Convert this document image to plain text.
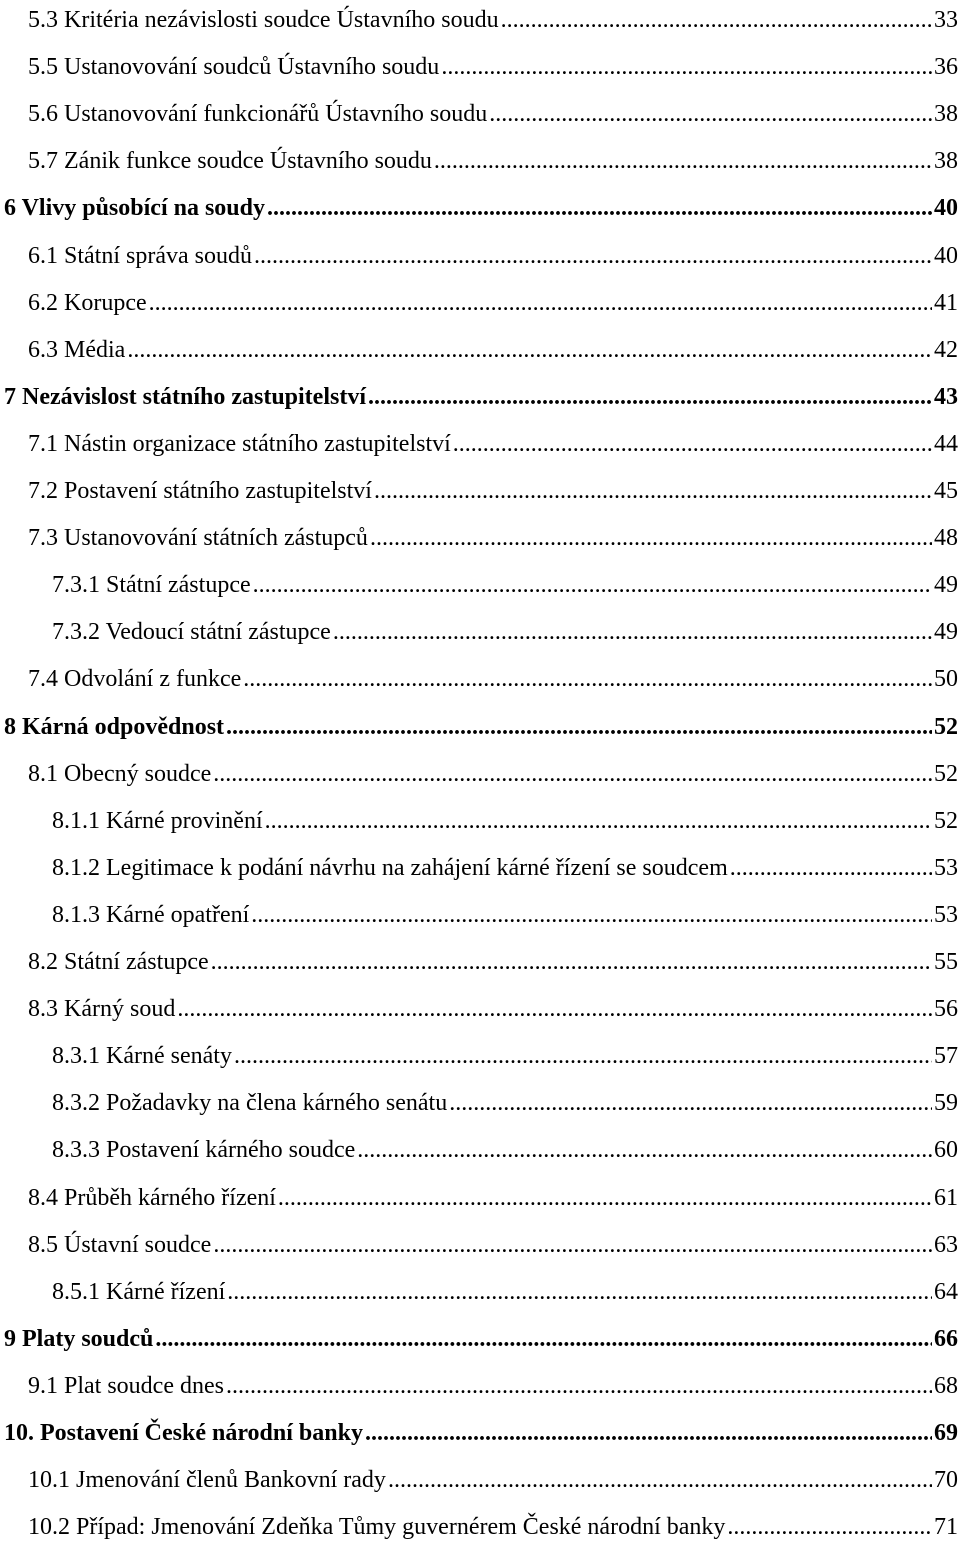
5.3 Kritéria nezávislosti soudce Ústavního soudu .....	33
5.5 Ustanovování soudců Ústavního soudu .....	36
5.6 Ustanovování funkcionářů Ústavního soudu .....	38
5.7 Zánik funkce soudce Ústavního soudu .....	38
6 Vlivy působící na soudy .....	40
6.1 Státní správa soudů .....	40
6.2 Korupce .....	41
6.3 Média .....	42
7 Nezávislost státního zastupitelství .....	43
7.1 Nástin organizace státního zastupitelství .....	44
7.2 Postavení státního zastupitelství .....	45
7.3 Ustanovování státních zástupců .....	48
7.3.1 Státní zástupce .....	49
7.3.2 Vedoucí státní zástupce .....	49
7.4 Odvolání z funkce .....	50
8 Kárná odpovědnost .....	52
8.1 Obecný soudce .....	52
8.1.1 Kárné provinění .....	52
8.1.2 Legitimace k podání návrhu na zahájení kárné řízení se soudcem .....	53
8.1.3 Kárné opatření .....	53
8.2 Státní zástupce .....	55
8.3 Kárný soud .....	56
8.3.1 Kárné senáty .....	57
8.3.2 Požadavky na člena kárného senátu .....	59
8.3.3 Postavení kárného soudce .....	60
8.4 Průběh kárného řízení .....	61
8.5 Ústavní soudce .....	63
8.5.1 Kárné řízení .....	64
9 Platy soudců .....	66
9.1 Plat soudce dnes .....	68
10. Postavení České národní banky .....	69
10.1 Jmenování členů Bankovní rady .....	70
10.2 Případ: Jmenování Zdeňka Tůmy guvernérem České národní banky .....	71
